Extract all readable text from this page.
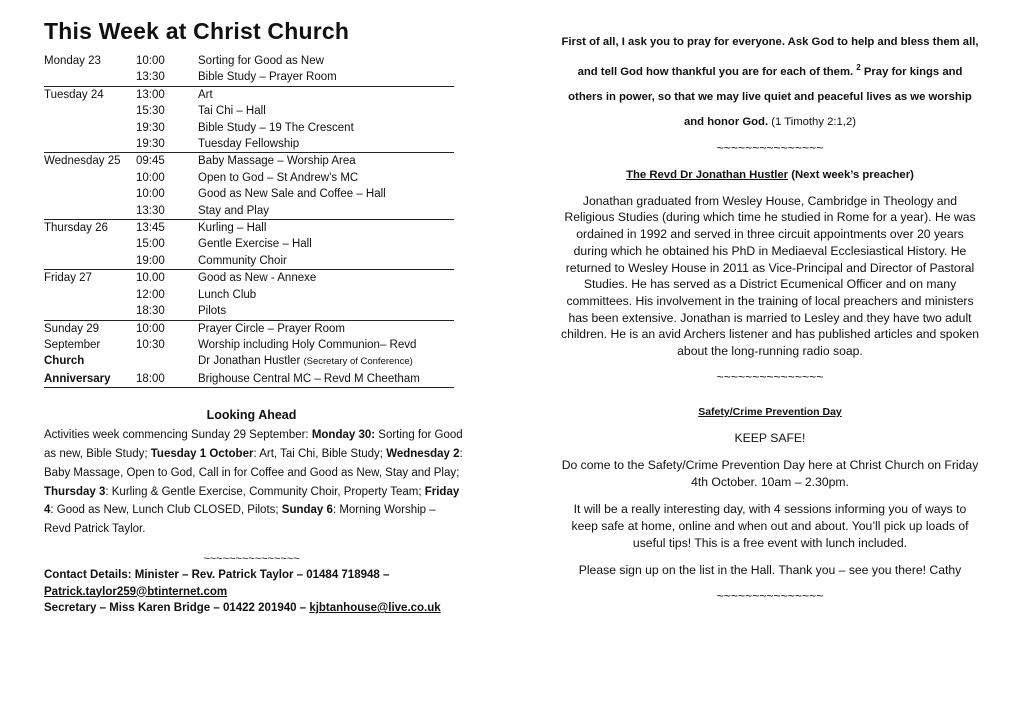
This Week at Christ Church
Monday 23	10:00	Sorting for Good as New
	13:30	Bible Study – Prayer Room
Tuesday 24	13:00	Art
	15:30	Tai Chi – Hall
	19:30	Bible Study – 19 The Crescent
	19:30	Tuesday Fellowship
Wednesday 25	09:45	Baby Massage – Worship Area
	10:00	Open to God – St Andrew’s MC
	10:00	Good as New Sale and Coffee – Hall
	13:30	Stay and Play
Thursday 26	13:45	Kurling – Hall
	15:00	Gentle Exercise – Hall
	19:00	Community Choir
Friday 27	10.00	Good as New - Annexe
	12:00	Lunch Club
	18:30	Pilots
Sunday 29	10:00	Prayer Circle – Prayer Room
September	10:30	Worship including Holy Communion– Revd
Church		Dr Jonathan Hustler (Secretary of Conference)
Anniversary	18:00	Brighouse Central MC – Revd M Cheetham
Looking Ahead
Activities week commencing Sunday 29 September: Monday 30: Sorting for Good as new, Bible Study; Tuesday 1 October: Art, Tai Chi, Bible Study; Wednesday 2: Baby Massage, Open to God, Call in for Coffee and Good as New, Stay and Play; Thursday 3: Kurling & Gentle Exercise, Community Choir, Property Team; Friday 4: Good as New, Lunch Club CLOSED, Pilots; Sunday 6: Morning Worship – Revd Patrick Taylor.
~~~~~~~~~~~~~~~
Contact Details: Minister – Rev. Patrick Taylor – 01484 718948 –
Patrick.taylor259@btinternet.com
Secretary – Miss Karen Bridge – 01422 201940 – kjbtanhouse@live.co.uk
First of all, I ask you to pray for everyone. Ask God to help and bless them all, and tell God how thankful you are for each of them. $^2$ Pray for kings and others in power, so that we may live quiet and peaceful lives as we worship and honor God. (1 Timothy 2:1,2)
~~~~~~~~~~~~~~~
The Revd Dr Jonathan Hustler (Next week’s preacher)
Jonathan graduated from Wesley House, Cambridge in Theology and Religious Studies (during which time he studied in Rome for a year). He was ordained in 1992 and served in three circuit appointments over 20 years during which he obtained his PhD in Mediaeval Ecclesiastical History. He returned to Wesley House in 2011 as Vice-Principal and Director of Pastoral Studies. He has served as a District Ecumenical Officer and on many committees. His involvement in the training of local preachers and ministers has been extensive. Jonathan is married to Lesley and they have two adult children. He is an avid Archers listener and has published articles and spoken about the long-running radio soap.
~~~~~~~~~~~~~~~
Safety/Crime Prevention Day
KEEP SAFE!
Do come to the Safety/Crime Prevention Day here at Christ Church on Friday 4th October. 10am – 2.30pm.
It will be a really interesting day, with 4 sessions informing you of ways to keep safe at home, online and when out and about. You’ll pick up loads of useful tips! This is a free event with lunch included.
Please sign up on the list in the Hall. Thank you – see you there! Cathy
~~~~~~~~~~~~~~~
